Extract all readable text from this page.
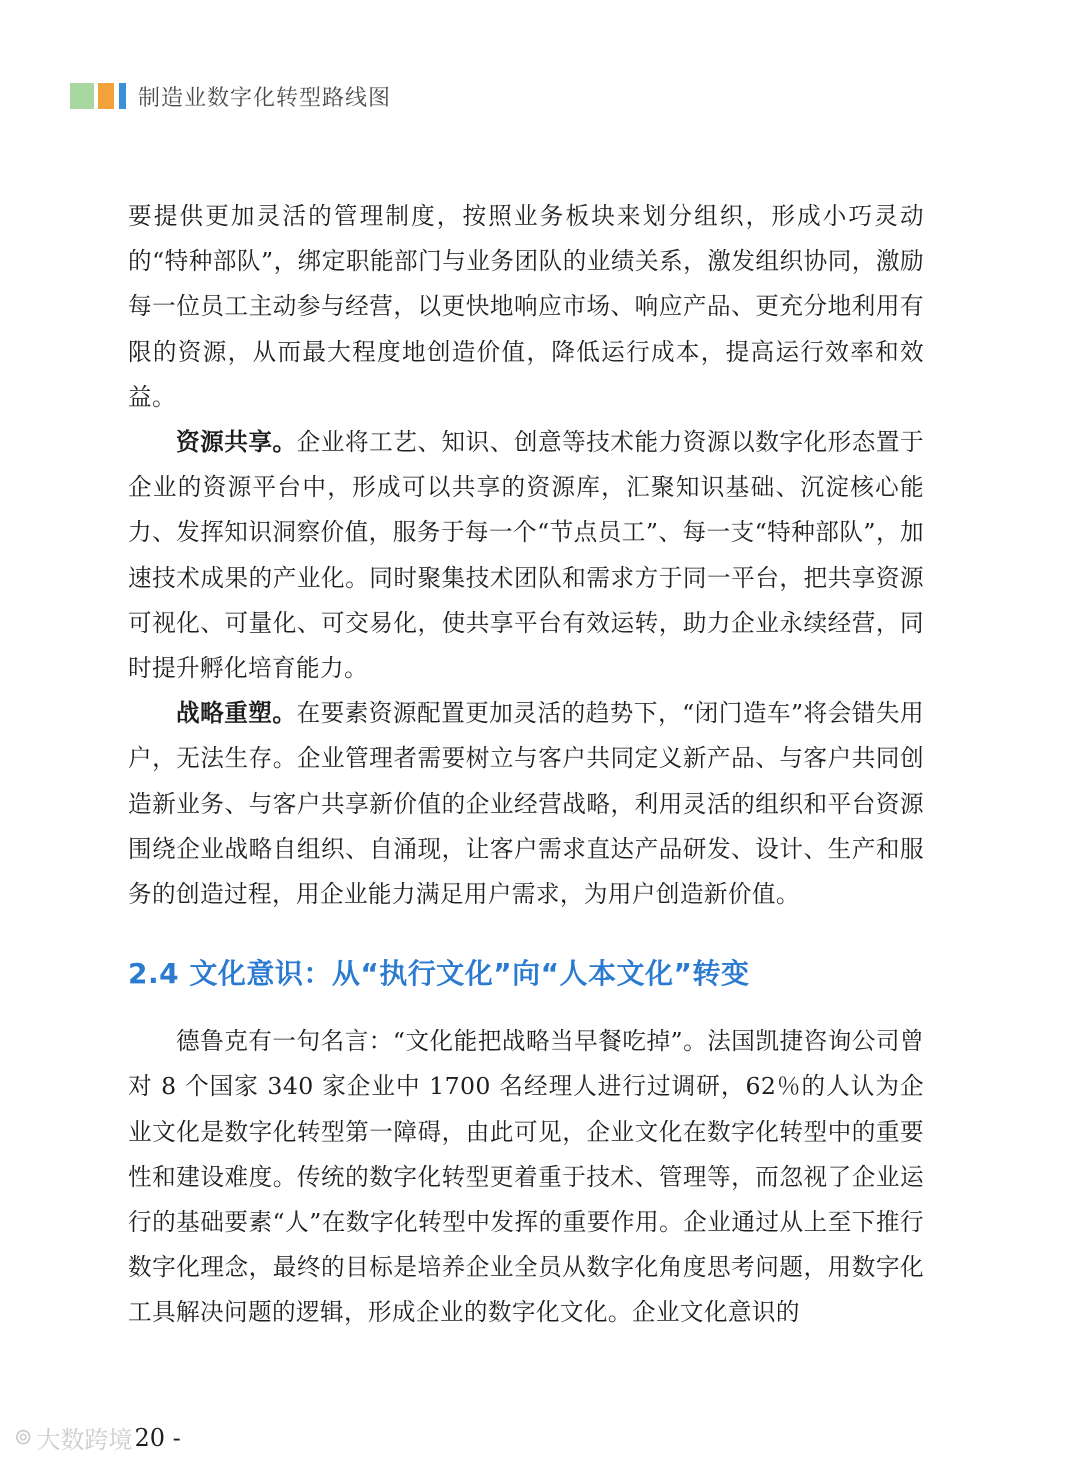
制造业数字化转型路线图

要提供更加灵活的管理制度，按照业务板块来划分组织，形成小巧灵动的“特种部队”，绑定职能部门与业务团队的业绩关系，激发组织协同，激励每一位员工主动参与经营，以更快地响应市场、响应产品、更充分地利用有限的资源，从而最大程度地创造价值，降低运行成本，提高运行效率和效益。

资源共享。企业将工艺、知识、创意等技术能力资源以数字化形态置于企业的资源平台中，形成可以共享的资源库，汇聚知识基础、沉淀核心能力、发挥知识洞察价值，服务于每一个“节点员工”、每一支“特种部队”，加速技术成果的产业化。同时聚集技术团队和需求方于同一平台，把共享资源可视化、可量化、可交易化，使共享平台有效运转，助力企业永续经营，同时提升孵化培育能力。

战略重塑。在要素资源配置更加灵活的趋势下，“闭门造车”将会错失用户，无法生存。企业管理者需要树立与客户共同定义新产品、与客户共同创造新业务、与客户共享新价值的企业经营战略，利用灵活的组织和平台资源围绕企业战略自组织、自涌现，让客户需求直达产品研发、设计、生产和服务的创造过程，用企业能力满足用户需求，为用户创造新价值。

2.4 文化意识：从“执行文化”向“人本文化”转变

德鲁克有一句名言：“文化能把战略当早餐吃掉”。法国凯捷咨询公司曾对 8 个国家 340 家企业中 1700 名经理人进行过调研，62％的人认为企业文化是数字化转型第一障碍，由此可见，企业文化在数字化转型中的重要性和建设难度。传统的数字化转型更着重于技术、管理等，而忽视了企业运行的基础要素“人”在数字化转型中发挥的重要作用。企业通过从上至下推行数字化理念，最终的目标是培养企业全员从数字化角度思考问题，用数字化工具解决问题的逻辑，形成企业的数字化文化。企业文化意识的

⊚ 大数跨境 20 -
